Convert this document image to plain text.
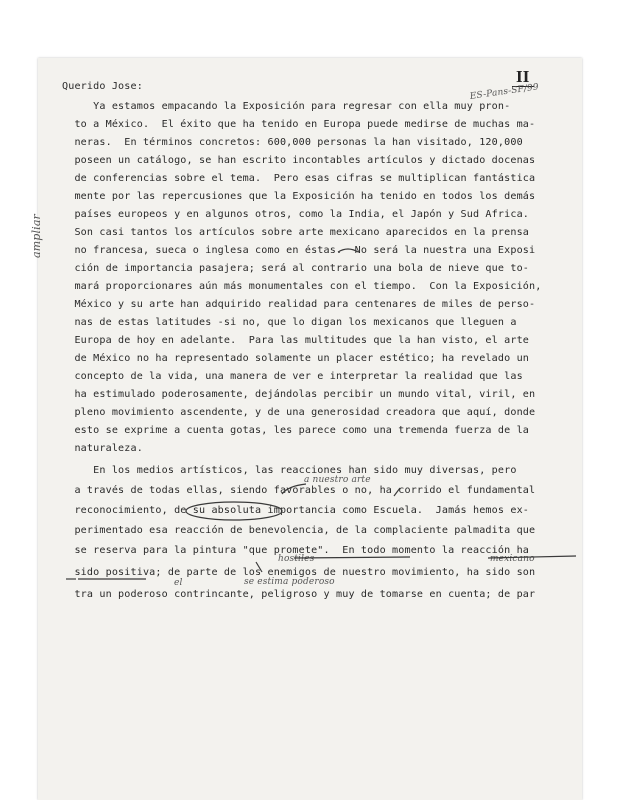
II
ES-Pans-SF/99
ampliar
Querido Jose:
Ya estamos empacando la Exposición para regresar con ella muy pron-
to a México.  El éxito que ha tenido en Europa puede medirse de muchas ma-
neras.  En términos concretos: 600,000 personas la han visitado, 120,000
poseen un catálogo, se han escrito incontables artículos y dictado docenas
de conferencias sobre el tema.  Pero esas cifras se multiplican fantástica
mente por las repercusiones que la Exposición ha tenido en todos los demás
países europeos y en algunos otros, como la India, el Japón y Sud Africa.
Son casi tantos los artículos sobre arte mexicano aparecidos en la prensa
no francesa, sueca o inglesa como en éstas.  No será la nuestra una Exposi
ción de importancia pasajera; será al contrario una bola de nieve que to-
mará proporcionares aún más monumentales con el tiempo.  Con la Exposición,
México y su arte han adquirido realidad para centenares de miles de perso-
nas de estas latitudes -si no, que lo digan los mexicanos que lleguen a
Europa de hoy en adelante.  Para las multitudes que la han visto, el arte
de México no ha representado solamente un placer estético; ha revelado un
concepto de la vida, una manera de ver e interpretar la realidad que las
ha estimulado poderosamente, dejándolas percibir un mundo vital, viril, en
pleno movimiento ascendente, y de una generosidad creadora que aquí, donde
esto se exprime a cuenta gotas, les parece como una tremenda fuerza de la
naturaleza.
En los medios artísticos, las reacciones han sido muy diversas, pero
a través de todas ellas, siendo favorables o no, ha corrido el fundamental
reconocimiento, de su absoluta importancia como Escuela.  Jamás hemos ex-
perimentado esa reacción de benevolencia, de la complaciente palmadita que
se reserva para la pintura "que promete".  En todo momento la reacción ha
sido positiva; de parte de los enemigos de nuestro movimiento, ha sido son
tra un poderoso contrincante, peligroso y muy de tomarse en cuenta; de par
a nuestro arte
hostiles	mexicano
se estima poderoso
el
